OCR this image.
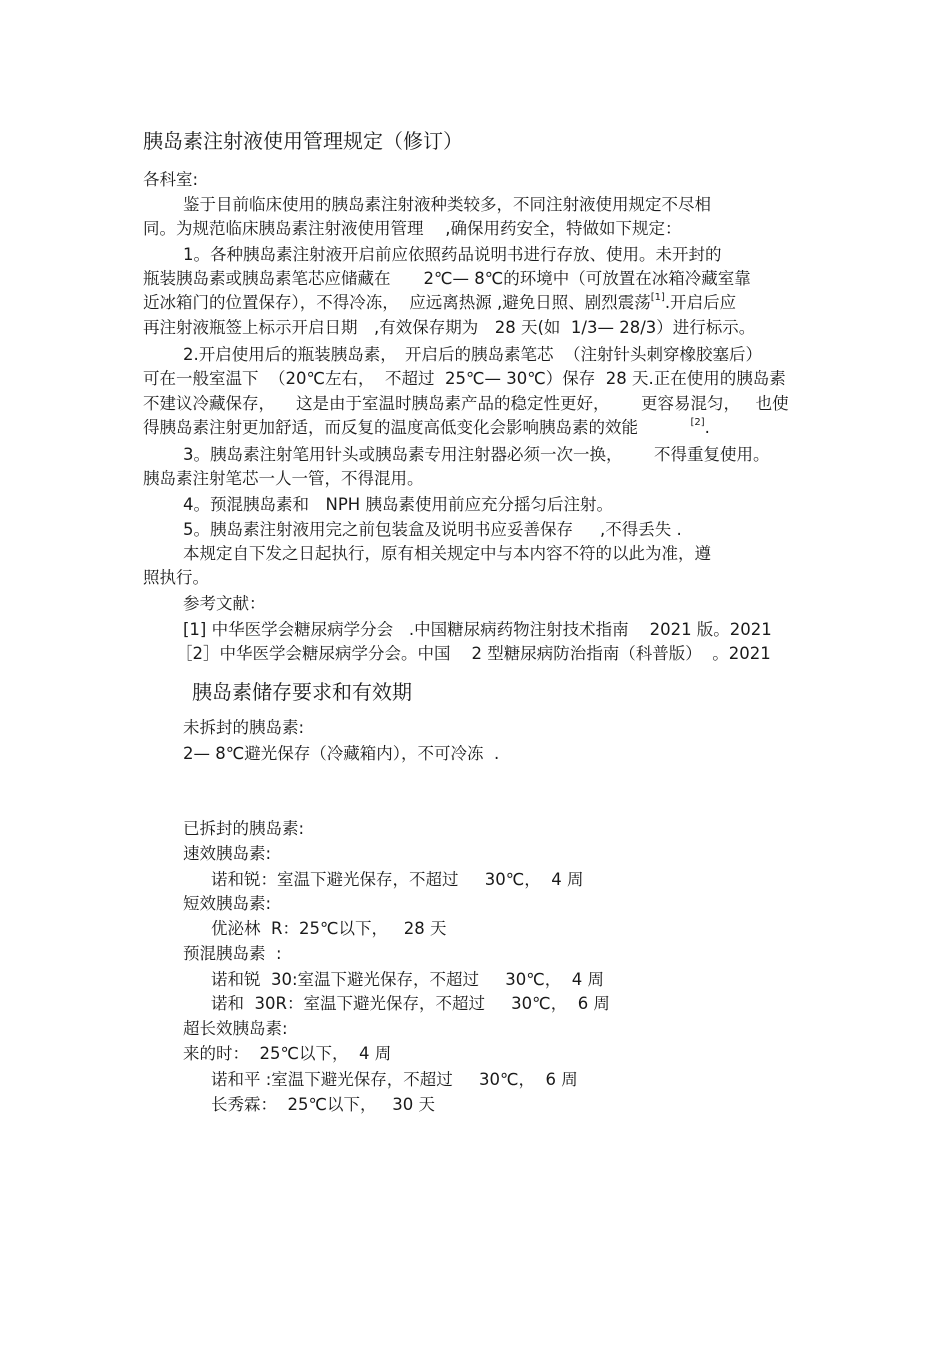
胰岛素注射液使用管理规定（修订）
各科室:
鉴于目前临床使用的胰岛素注射液种类较多，不同注射液使用规定不尽相
同。为规范临床胰岛素注射液使用管理　 ,确保用药安全，特做如下规定：
1。各种胰岛素注射液开启前应依照药品说明书进行存放、使用。未开封的
瓶装胰岛素或胰岛素笔芯应储藏在　　2℃— 8℃的环境中（可放置在冰箱冷藏室靠
近冰箱门的位置保存），不得冷冻，  应远离热源 ,避免日照、剧烈震荡[1].开启后应
再注射液瓶签上标示开启日期　,有效保存期为　28 天(如  1/3— 28/3）进行标示。
2.开启使用后的瓶装胰岛素，　开启后的胰岛素笔芯  （注射针头刺穿橡胶塞后）
可在一般室温下  （20℃左右，  不超过  25℃— 30℃）保存  28 天.正在使用的胰岛素
不建议冷藏保存，    这是由于室温时胰岛素产品的稳定性更好，      更容易混匀，   也使
得胰岛素注射更加舒适，而反复的温度高低变化会影响胰岛素的效能	[2].
3。胰岛素注射笔用针头或胰岛素专用注射器必须一次一换，      不得重复使用。
胰岛素注射笔芯一人一管，不得混用。
4。预混胰岛素和　NPH 胰岛素使用前应充分摇匀后注射。
5。胰岛素注射液用完之前包装盒及说明书应妥善保存　  ,不得丢失 .
本规定自下发之日起执行，原有相关规定中与本内容不符的以此为准，遵
照执行。
参考文献：
[1] 中华医学会糖尿病学分会   .中国糖尿病药物注射技术指南    2021 版。2021
［2］中华医学会糖尿病学分会。中国    2 型糖尿病防治指南（科普版）  。2021
胰岛素储存要求和有效期
未拆封的胰岛素:
2— 8℃避光保存（冷藏箱内），不可冷冻  .
已拆封的胰岛素:
速效胰岛素:
诺和锐：室温下避光保存，不超过     30℃，  4 周
短效胰岛素:
优泌林  R：25℃以下，   28 天
预混胰岛素  :
诺和锐  30:室温下避光保存，不超过     30℃，  4 周
诺和  30R：室温下避光保存，不超过     30℃，  6 周
超长效胰岛素:
来的时：  25℃以下，  4 周
诺和平 :室温下避光保存，不超过     30℃，  6 周
长秀霖：  25℃以下，   30 天
